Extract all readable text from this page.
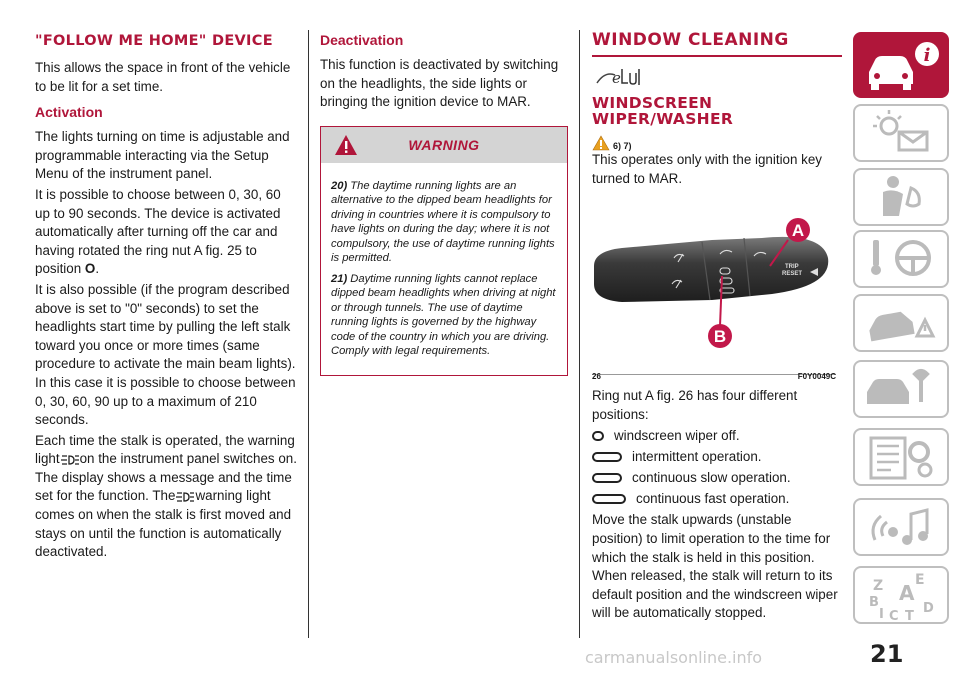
"FOLLOW ME HOME" DEVICE

This allows the space in front of the vehicle to be lit for a set time.

Activation

The lights turning on time is adjustable and programmable interacting via the Setup Menu of the instrument panel.

It is possible to choose between 0, 30, 60 up to 90 seconds. The device is activated automatically after turning off the car and having rotated the ring nut A fig. 25 to position O.

It is also possible (if the program described above is set to "0" seconds) to set the headlights start time by pulling the left stalk toward you once or more times (same procedure to activate the main beam lights). In this case it is possible to choose between 0, 30, 60, 90 up to a maximum of 210 seconds.

Each time the stalk is operated, the warning light on the instrument panel switches on. The display shows a message and the time set for the function. The warning light comes on when the stalk is first moved and stays on until the function is automatically deactivated.

Deactivation

This function is deactivated by switching on the headlights, the side lights or bringing the ignition device to MAR.

WARNING

20) The daytime running lights are an alternative to the dipped beam headlights for driving in countries where it is compulsory to have lights on during the day; where it is not compulsory, the use of daytime running lights is permitted.

21) Daytime running lights cannot replace dipped beam headlights when driving at night or through tunnels. The use of daytime running lights is governed by the highway code of the country in which you are driving. Comply with legal requirements.

WINDOW CLEANING
e
WINDSCREEN WIPER/WASHER
6) 7)

This operates only with the ignition key turned to MAR.

TRIP
RESET
A
B
26	F0Y0049C

Ring nut A fig. 26 has four different positions:

windscreen wiper off.
intermittent operation.
continuous slow operation.
continuous fast operation.

Move the stalk upwards (unstable position) to limit operation to the time for which the stalk is held in this position. When released, the stalk will return to its default position and the windscreen wiper will be automatically stopped.

i
Z E
A
B	D
I C T
21
carmanualsonline.info
